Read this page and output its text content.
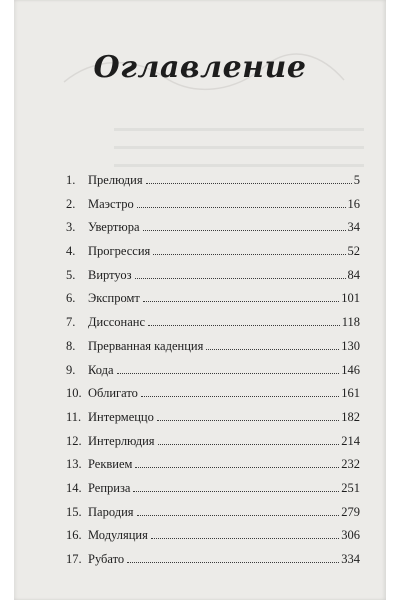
Оглавление
1.	Прелюдия	5
2.	Маэстро	16
3.	Увертюра	34
4.	Прогрессия	52
5.	Виртуоз	84
6.	Экспромт	101
7.	Диссонанс	118
8.	Прерванная каденция	130
9.	Кода	146
10. Облигато	161
11. Интермеццо	182
12. Интерлюдия	214
13. Реквием	232
14. Реприза	251
15. Пародия	279
16. Модуляция	306
17. Рубато	334
